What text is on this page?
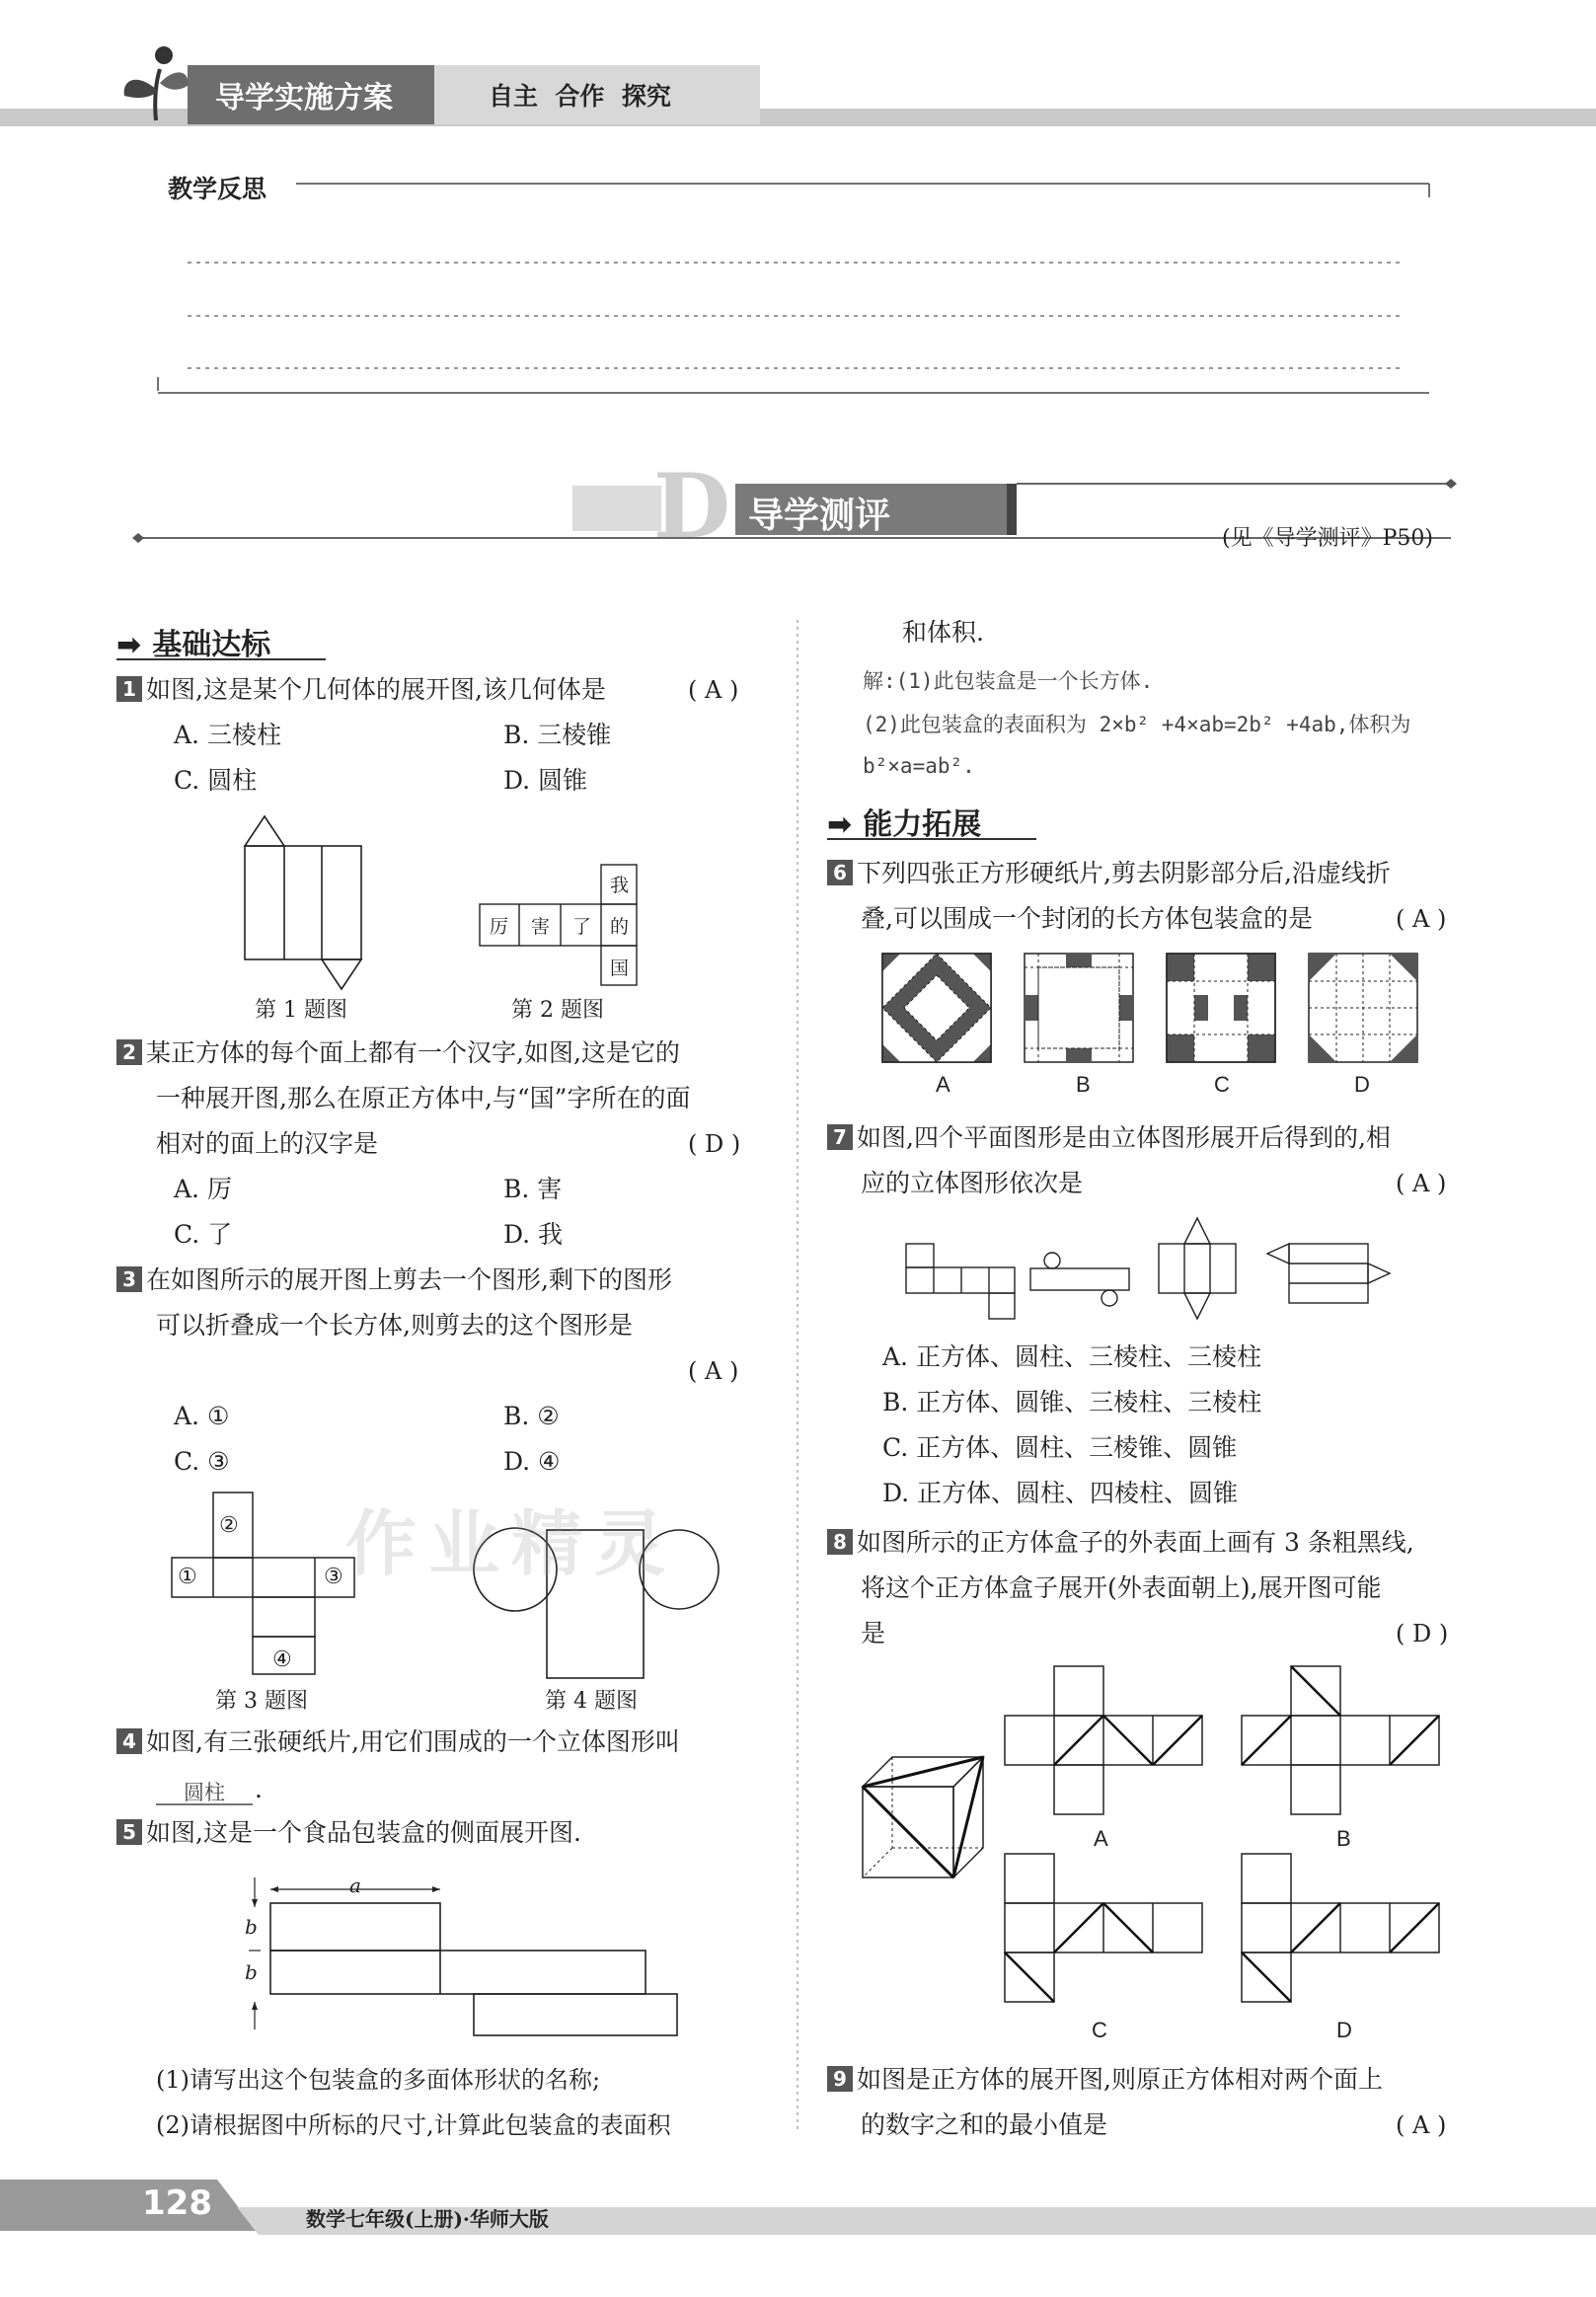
导学实施方案	自主  合作  探究
教学反思
D 导学测评
(见《导学测评》P50)
➡ 基础达标
1 如图,这是某个几何体的展开图,该几何体是	( A )
A. 三棱柱	B. 三棱锥
C. 圆柱	D. 圆锥
第 1 题图
我
厉 害 了 的
国
第 2 题图
2 某正方体的每个面上都有一个汉字,如图,这是它的
一种展开图,那么在原正方体中,与“国”字所在的面
相对的面上的汉字是	( D )
A. 厉	B. 害
C. 了	D. 我
3 在如图所示的展开图上剪去一个图形,剩下的图形
可以折叠成一个长方体,则剪去的这个图形是
( A )
A. ①	B. ②
C. ③	D. ④
②
①	③
④
第 3 题图	第 4 题图
4 如图,有三张硬纸片,用它们围成的一个立体图形叫
圆柱 .
5 如图,这是一个食品包装盒的侧面展开图.
a
b
b
(1)请写出这个包装盒的多面体形状的名称;
(2)请根据图中所标的尺寸,计算此包装盒的表面积
和体积.
解:(1)此包装盒是一个长方体.
(2)此包装盒的表面积为 2×b² +4×ab=2b² +4ab,体积为
b²×a=ab².
➡ 能力拓展
6 下列四张正方形硬纸片,剪去阴影部分后,沿虚线折
叠,可以围成一个封闭的长方体包装盒的是	( A )
A	B	C	D
7 如图,四个平面图形是由立体图形展开后得到的,相
应的立体图形依次是	( A )
A. 正方体、圆柱、三棱柱、三棱柱
B. 正方体、圆锥、三棱柱、三棱柱
C. 正方体、圆柱、三棱锥、圆锥
D. 正方体、圆柱、四棱柱、圆锥
8 如图所示的正方体盒子的外表面上画有 3 条粗黑线,
将这个正方体盒子展开(外表面朝上),展开图可能
是	( D )
A	B
C	D
9 如图是正方体的展开图,则原正方体相对两个面上
的数字之和的最小值是	( A )
作业精灵
128	数学七年级(上册)·华师大版
